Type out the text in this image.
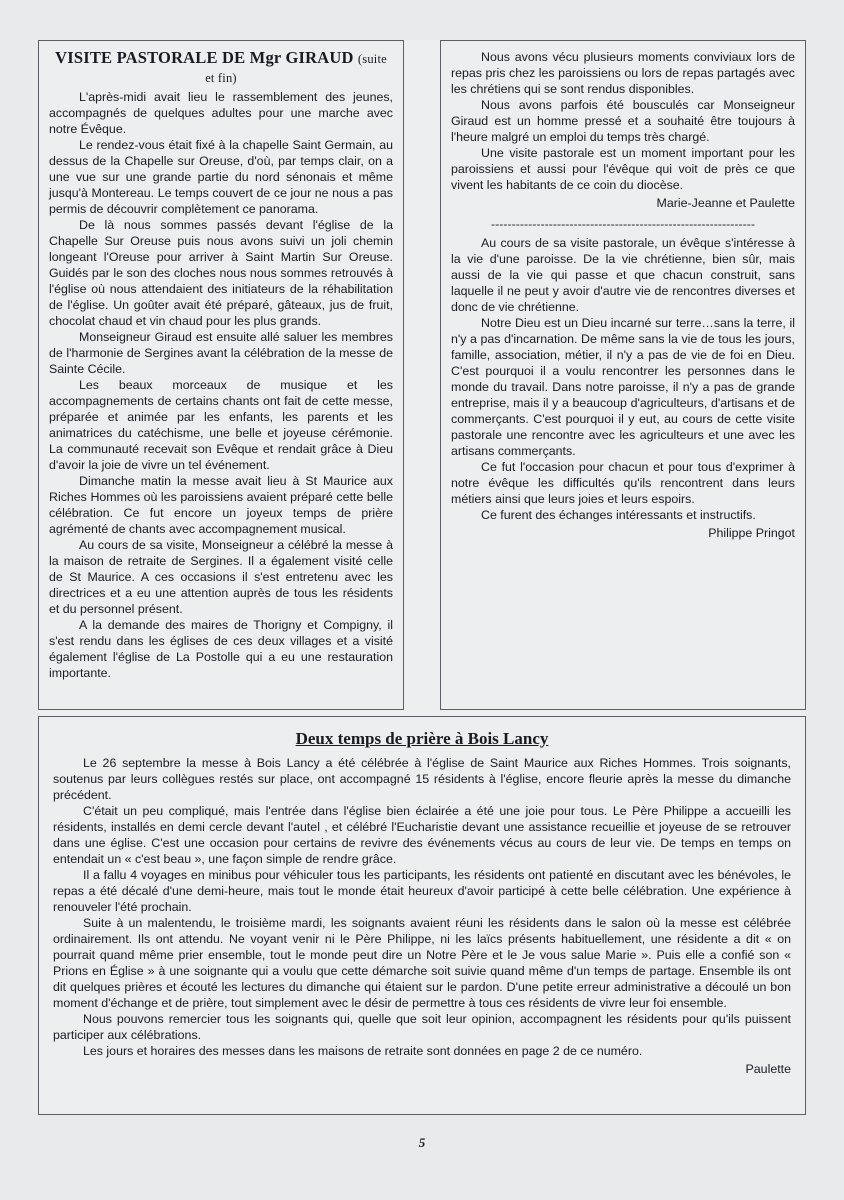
VISITE PASTORALE DE Mgr GIRAUD (suite et fin)

L'après-midi avait lieu le rassemblement des jeunes, accompagnés de quelques adultes pour une marche avec notre Évêque.

Le rendez-vous était fixé à la chapelle Saint Germain, au dessus de la Chapelle sur Oreuse, d'où, par temps clair, on a une vue sur une grande partie du nord sénonais et même jusqu'à Montereau. Le temps couvert de ce jour ne nous a pas permis de découvrir complètement ce panorama.

De là nous sommes passés devant l'église de la Chapelle Sur Oreuse puis nous avons suivi un joli chemin longeant l'Oreuse pour arriver à Saint Martin Sur Oreuse. Guidés par le son des cloches nous nous sommes retrouvés à l'église où nous attendaient des initiateurs de la réhabilitation de l'église. Un goûter avait été préparé, gâteaux, jus de fruit, chocolat chaud et vin chaud pour les plus grands.

Monseigneur Giraud est ensuite allé saluer les membres de l'harmonie de Sergines avant la célébration de la messe de Sainte Cécile.

Les beaux morceaux de musique et les accompagnements de certains chants ont fait de cette messe, préparée et animée par les enfants, les parents et les animatrices du catéchisme, une belle et joyeuse cérémonie. La communauté recevait son Evêque et rendait grâce à Dieu d'avoir la joie de vivre un tel événement.

Dimanche matin la messe avait lieu à St Maurice aux Riches Hommes où les paroissiens avaient préparé cette belle célébration. Ce fut encore un joyeux temps de prière agrémenté de chants avec accompagnement musical.

Au cours de sa visite, Monseigneur a célébré la messe à la maison de retraite de Sergines. Il a également visité celle de St Maurice. A ces occasions il s'est entretenu avec les directrices et a eu une attention auprès de tous les résidents et du personnel présent.

A la demande des maires de Thorigny et Compigny, il s'est rendu dans les églises de ces deux villages et a visité également l'église de La Postolle qui a eu une restauration importante.

Nous avons vécu plusieurs moments conviviaux lors de repas pris chez les paroissiens ou lors de repas partagés avec les chrétiens qui se sont rendus disponibles.

Nous avons parfois été bousculés car Monseigneur Giraud est un homme pressé et a souhaité être toujours à l'heure malgré un emploi du temps très chargé.

Une visite pastorale est un moment important pour les paroissiens et aussi pour l'évêque qui voit de près ce que vivent les habitants de ce coin du diocèse.

Marie-Jeanne et Paulette

----------------------------------------------------------------

Au cours de sa visite pastorale, un évêque s'intéresse à la vie d'une paroisse. De la vie chrétienne, bien sûr, mais aussi de la vie qui passe et que chacun construit, sans laquelle il ne peut y avoir d'autre vie de rencontres diverses et donc de vie chrétienne.

Notre Dieu est un Dieu incarné sur terre…sans la terre, il n'y a pas d'incarnation. De même sans la vie de tous les jours, famille, association, métier, il n'y a pas de vie de foi en Dieu. C'est pourquoi il a voulu rencontrer les personnes dans le monde du travail. Dans notre paroisse, il n'y a pas de grande entreprise, mais il y a beaucoup d'agriculteurs, d'artisans et de commerçants. C'est pourquoi il y eut, au cours de cette visite pastorale une rencontre avec les agriculteurs et une avec les artisans commerçants.

Ce fut l'occasion pour chacun et pour tous d'exprimer à notre évêque les difficultés qu'ils rencontrent dans leurs métiers ainsi que leurs joies et leurs espoirs.

Ce furent des échanges intéressants et instructifs.

Philippe Pringot

Deux temps de prière à Bois Lancy

Le 26 septembre la messe à Bois Lancy a été célébrée à l'église de Saint Maurice aux Riches Hommes. Trois soignants, soutenus par leurs collègues restés sur place, ont accompagné 15 résidents à l'église, encore fleurie après la messe du dimanche précédent.

C'était un peu compliqué, mais l'entrée dans l'église bien éclairée a été une joie pour tous. Le Père Philippe a accueilli les résidents, installés en demi cercle devant l'autel , et célébré l'Eucharistie devant une assistance recueillie et joyeuse de se retrouver dans une église. C'est une occasion pour certains de revivre des événements vécus au cours de leur vie. De temps en temps on entendait un « c'est beau », une façon simple de rendre grâce.

Il a fallu 4 voyages en minibus pour véhiculer tous les participants, les résidents ont patienté en discutant avec les bénévoles, le repas a été décalé d'une demi-heure, mais tout le monde était heureux d'avoir participé à cette belle célébration. Une expérience à renouveler l'été prochain.

Suite à un malentendu, le troisième mardi, les soignants avaient réuni les résidents dans le salon où la messe est célébrée ordinairement. Ils ont attendu. Ne voyant venir ni le Père Philippe, ni les laïcs présents habituellement, une résidente a dit « on pourrait quand même prier ensemble, tout le monde peut dire un Notre Père et le Je vous salue Marie ». Puis elle a confié son « Prions en Église » à une soignante qui a voulu que cette démarche soit suivie quand même d'un temps de partage. Ensemble ils ont dit quelques prières et écouté les lectures du dimanche qui étaient sur le pardon. D'une petite erreur administrative a découlé un bon moment d'échange et de prière, tout simplement avec le désir de permettre à tous ces résidents de vivre leur foi ensemble.

Nous pouvons remercier tous les soignants qui, quelle que soit leur opinion, accompagnent les résidents pour qu'ils puissent participer aux célébrations.

Les jours et horaires des messes dans les maisons de retraite sont données en page 2 de ce numéro.

Paulette

5
